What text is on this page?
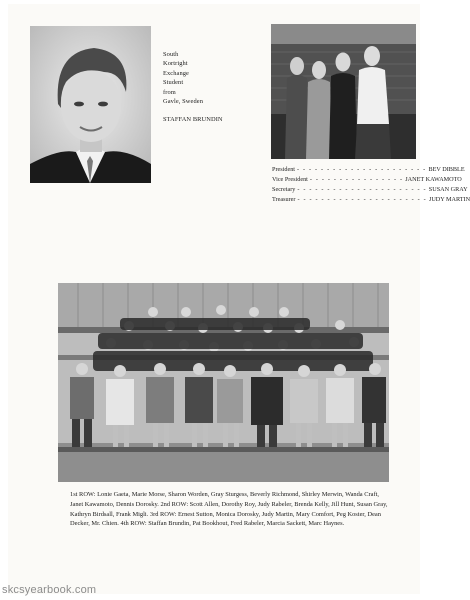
South
Kortright
Exchange
Student
from
Gavle, Sweden
STAFFAN BRUNDIN
President - - - - - - - - - - - - - - - - - - - - - - BEV DIBBLE
Vice President - - - - - - - - - - - - - - - - JANET KAWAMOTO
Secretary - - - - - - - - - - - - - - - - - - - - - - SUSAN GRAY
Treasurer - - - - - - - - - - - - - - - - - - - - - - JUDY MARTIN
1st ROW: Lonie Gaeta, Marie Morse, Sharon Worden, Gray Sturgess, Beverly Richmond, Shirley Merwin, Wanda Craft, Janet Kawamoto, Dennis Dorosky. 2nd ROW: Scott Allen, Dorothy Roy, Judy Rabeler, Brenda Kelly, Jill Hunt, Susan Gray, Kathryn Birdsall, Frank Migli. 3rd ROW: Ernest Sutton, Monica Dorosky, Judy Martin, Mary Comfort, Peg Koster, Dean Decker, Mr. Chien. 4th ROW: Staffan Brundin, Pat Bookhout, Fred Rabeler, Marcia Sackett, Marc Haynes.
skcsyearbook.com
